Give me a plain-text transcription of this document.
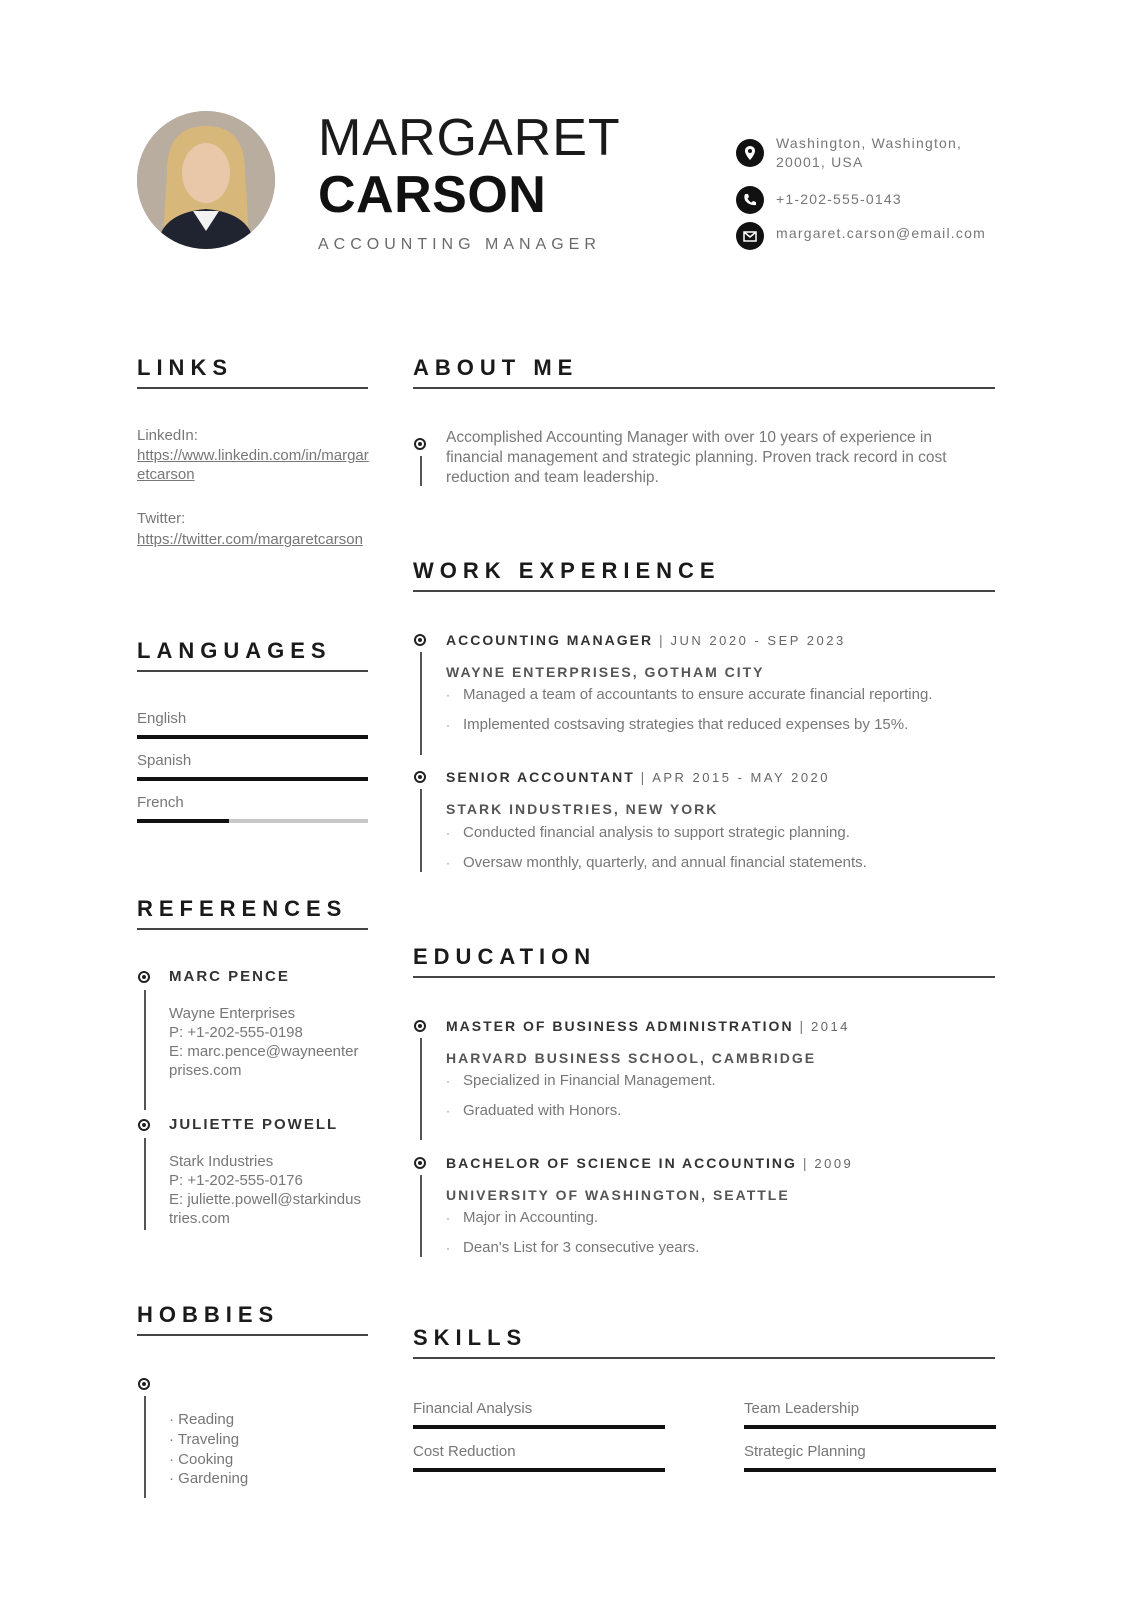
MARGARET
CARSON
ACCOUNTING MANAGER
Washington, Washington, 20001, USA
+1-202-555-0143
margaret.carson@email.com
LINKS
LinkedIn:
https://www.linkedin.com/in/margaretcarson
Twitter:
https://twitter.com/margaretcarson
LANGUAGES
English
Spanish
French
REFERENCES
MARC PENCE
Wayne Enterprises
P: +1-202-555-0198
E: marc.pence@wayneenterprises.com
JULIETTE POWELL
Stark Industries
P: +1-202-555-0176
E: juliette.powell@starkindustries.com
HOBBIES
· Reading
· Traveling
· Cooking
· Gardening
ABOUT ME
Accomplished Accounting Manager with over 10 years of experience in financial management and strategic planning. Proven track record in cost reduction and team leadership.
WORK EXPERIENCE
ACCOUNTING MANAGER | JUN 2020 - SEP 2023
WAYNE ENTERPRISES, GOTHAM CITY
· Managed a team of accountants to ensure accurate financial reporting.
· Implemented costsaving strategies that reduced expenses by 15%.
SENIOR ACCOUNTANT | APR 2015 - MAY 2020
STARK INDUSTRIES, NEW YORK
· Conducted financial analysis to support strategic planning.
· Oversaw monthly, quarterly, and annual financial statements.
EDUCATION
MASTER OF BUSINESS ADMINISTRATION | 2014
HARVARD BUSINESS SCHOOL, CAMBRIDGE
· Specialized in Financial Management.
· Graduated with Honors.
BACHELOR OF SCIENCE IN ACCOUNTING | 2009
UNIVERSITY OF WASHINGTON, SEATTLE
· Major in Accounting.
· Dean's List for 3 consecutive years.
SKILLS
Financial Analysis	Team Leadership
Cost Reduction	Strategic Planning
